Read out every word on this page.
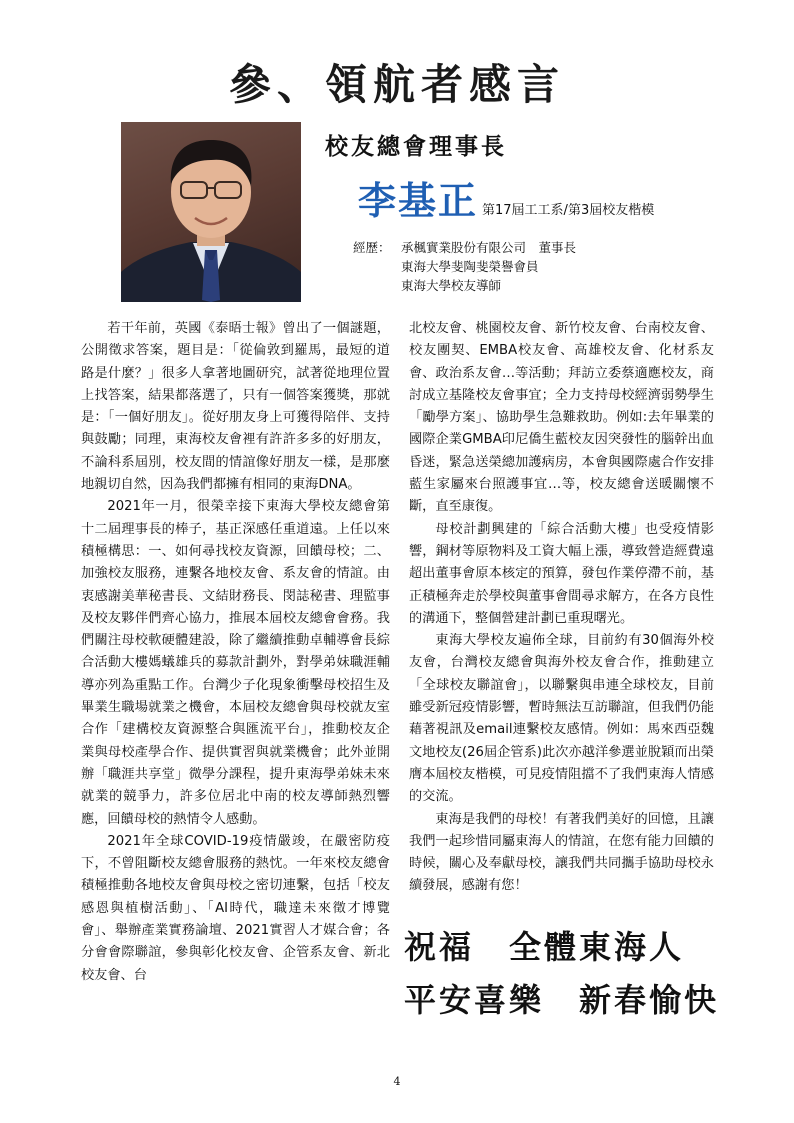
參、領航者感言
校友總會理事長
李基正 第17屆工工系/第3屆校友楷模
經歷： 承楓實業股份有限公司　董事長
東海大學斐陶斐榮譽會員
東海大學校友導師

若干年前，英國《泰晤士報》曾出了一個謎題，公開徵求答案，題目是：「從倫敦到羅馬，最短的道路是什麼？」很多人拿著地圖研究，試著從地理位置上找答案，結果都落選了，只有一個答案獲獎，那就是：「一個好朋友」。從好朋友身上可獲得陪伴、支持與鼓勵；同理，東海校友會裡有許許多多的好朋友，不論科系屆別，校友間的情誼像好朋友一樣，是那麼地親切自然，因為我們都擁有相同的東海DNA。

2021年一月，很榮幸接下東海大學校友總會第十二屆理事長的棒子，基正深感任重道遠。上任以來積極構思：一、如何尋找校友資源，回饋母校；二、加強校友服務，連繫各地校友會、系友會的情誼。由衷感謝美華秘書長、文結財務長、閔誌秘書、理監事及校友夥伴們齊心協力，推展本屆校友總會會務。我們關注母校軟硬體建設，除了繼續推動卓輔導會長綜合活動大樓媽蟻雄兵的募款計劃外，對學弟妹職涯輔導亦列為重點工作。台灣少子化現象衝擊母校招生及畢業生職場就業之機會，本屆校友總會與母校就友室合作「建構校友資源整合與匯流平台」，推動校友企業與母校產學合作、提供實習與就業機會；此外並開辦「職涯共享堂」微學分課程，提升東海學弟妹未來就業的競爭力，許多位居北中南的校友導師熱烈響應，回饋母校的熱情令人感動。

2021年全球COVID-19疫情嚴竣，在嚴密防疫下，不曾阻斷校友總會服務的熱忱。一年來校友總會積極推動各地校友會與母校之密切連繫，包括「校友感恩與植樹活動」、「AI時代，職達未來徵才博覽會」、舉辦產業實務論壇、2021實習人才媒合會；各分會會際聯誼，參與彰化校友會、企管系友會、新北校友會、台

北校友會、桃園校友會、新竹校友會、台南校友會、校友團契、EMBA校友會、高雄校友會、化材系友會、政治系友會…等活動；拜訪立委蔡適應校友，商討成立基隆校友會事宜；全力支持母校經濟弱勢學生「勵學方案」、協助學生急難救助。例如:去年畢業的國際企業GMBA印尼僑生藍校友因突發性的腦幹出血昏迷，緊急送榮總加護病房，本會與國際處合作安排藍生家屬來台照護事宜…等，校友總會送暖關懷不斷，直至康復。

母校計劃興建的「綜合活動大樓」也受疫情影響，鋼材等原物料及工資大幅上漲，導致營造經費遠超出董事會原本核定的預算，發包作業停滯不前，基正積極奔走於學校與董事會間尋求解方，在各方良性的溝通下，整個營建計劃已重現曙光。

東海大學校友遍佈全球，目前約有30個海外校友會，台灣校友總會與海外校友會合作，推動建立「全球校友聯誼會」，以聯繫與串連全球校友，目前雖受新冠疫情影響，暫時無法互訪聯誼，但我們仍能藉著視訊及email連繫校友感情。例如：馬來西亞魏文地校友(26屆企管系)此次亦越洋參選並脫穎而出榮膺本屆校友楷模，可見疫情阻擋不了我們東海人情感的交流。

東海是我們的母校！有著我們美好的回憶，且讓我們一起珍惜同屬東海人的情誼，在您有能力回饋的時候，關心及奉獻母校，讓我們共同攜手協助母校永續發展，感謝有您！

祝福　全體東海人
平安喜樂　新春愉快
4
